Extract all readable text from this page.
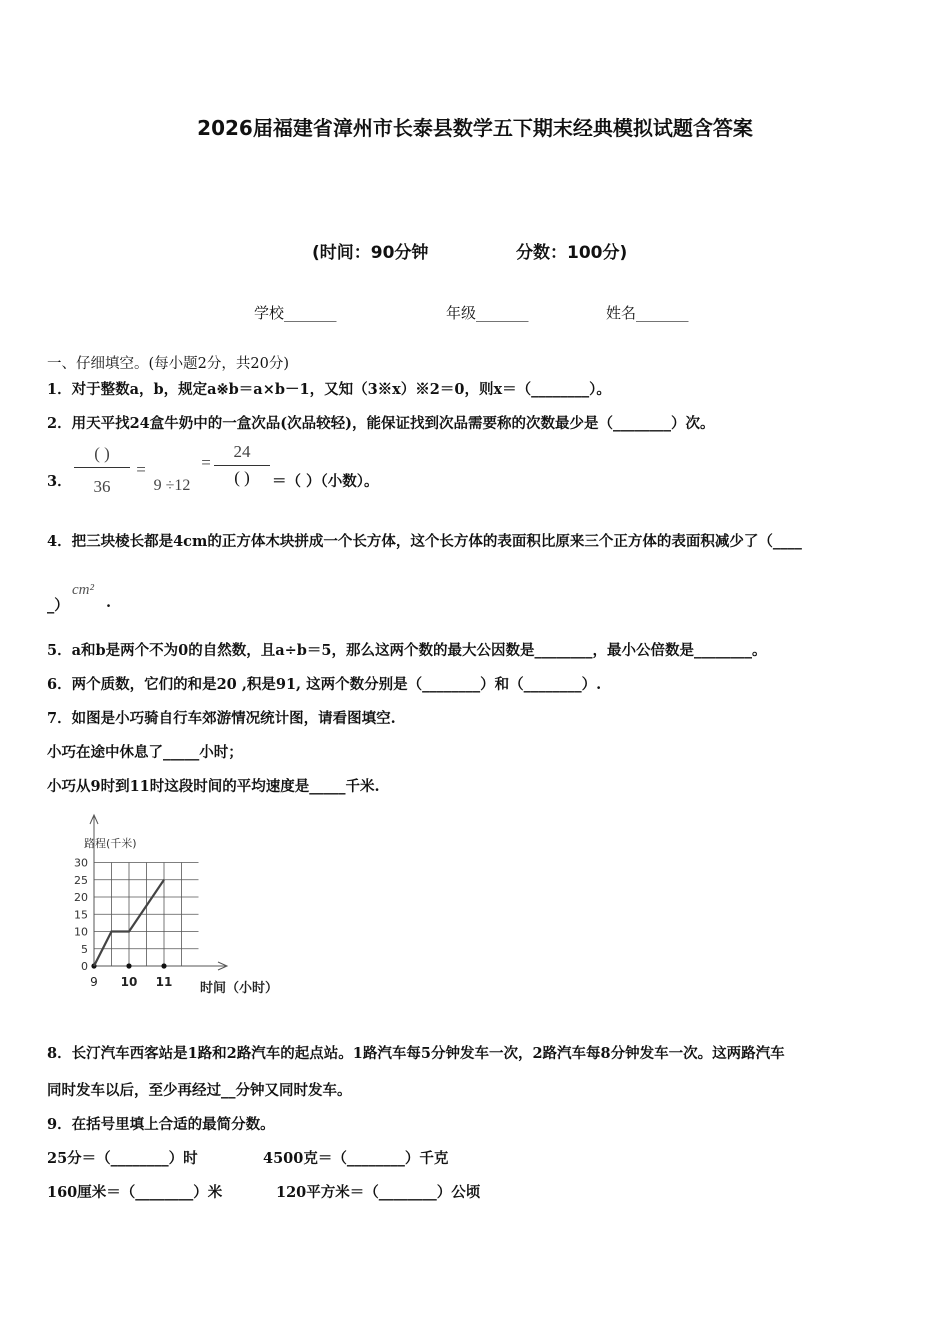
2026届福建省漳州市长泰县数学五下期末经典模拟试题含答案
(时间：90分钟	分数：100分)
学校_______	年级_______	姓名_______
一、仔细填空。(每小题2分，共20分)
1．对于整数a，b，规定a※b＝a×b－1，又知（3※x）※2＝0，则x＝（________）。
2．用天平找24盒牛奶中的一盒次品(次品较轻)，能保证找到次品需要称的次数最少是（________）次。
3．
( )
36
=
9 ÷12
=
24
( )	＝（ ）（小数）。
4．把三块棱长都是4cm的正方体木块拼成一个长方体，这个长方体的表面积比原来三个正方体的表面积减少了（____
_）
cm²
.
5．a和b是两个不为0的自然数，且a÷b＝5，那么这两个数的最大公因数是________，最小公倍数是________。
6．两个质数，它们的和是20 ,积是91, 这两个数分别是（________）和（________）.
7．如图是小巧骑自行车郊游情况统计图，请看图填空.
小巧在途中休息了_____小时；
小巧从9时到11时这段时间的平均速度是_____千米.
0
5
10
15
20
25
30
9 10 11
路程(千米)
时间（小时）
8．长汀汽车西客站是1路和2路汽车的起点站。1路汽车每5分钟发车一次，2路汽车每8分钟发车一次。这两路汽车
同时发车以后，至少再经过__分钟又同时发车。
9．在括号里填上合适的最简分数。
25分＝（________）时	4500克＝（________）千克
160厘米＝（________）米	120平方米＝（________）公顷
